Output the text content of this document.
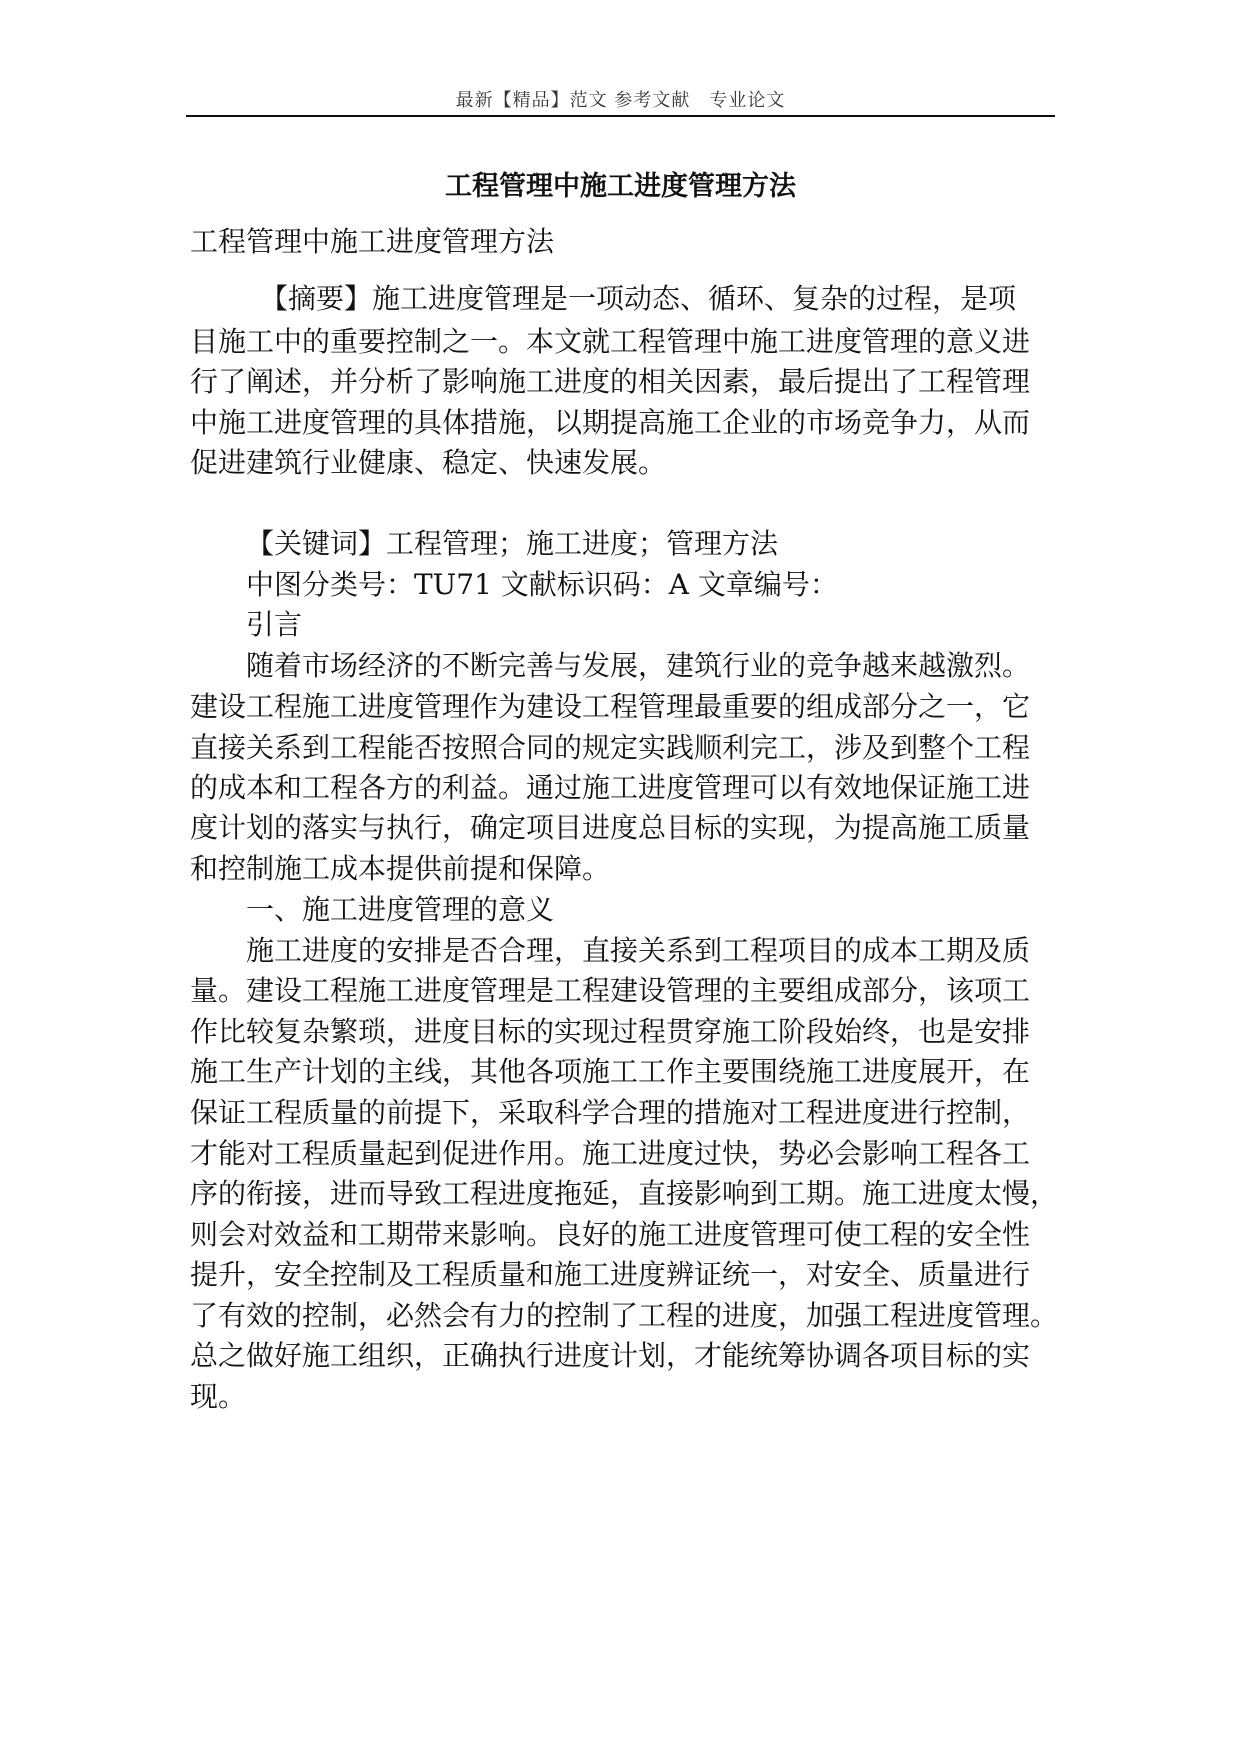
最新【精品】范文 参考文献　专业论文
工程管理中施工进度管理方法
工程管理中施工进度管理方法
【摘要】施工进度管理是一项动态、循环、复杂的过程，是项
目施工中的重要控制之一。本文就工程管理中施工进度管理的意义进
行了阐述，并分析了影响施工进度的相关因素，最后提出了工程管理
中施工进度管理的具体措施，以期提高施工企业的市场竞争力，从而
促进建筑行业健康、稳定、快速发展。
【关键词】工程管理；施工进度；管理方法
中图分类号：TU71 文献标识码：A 文章编号：
引言
随着市场经济的不断完善与发展，建筑行业的竞争越来越激烈。
建设工程施工进度管理作为建设工程管理最重要的组成部分之一，它
直接关系到工程能否按照合同的规定实践顺利完工，涉及到整个工程
的成本和工程各方的利益。通过施工进度管理可以有效地保证施工进
度计划的落实与执行，确定项目进度总目标的实现，为提高施工质量
和控制施工成本提供前提和保障。
一、施工进度管理的意义
施工进度的安排是否合理，直接关系到工程项目的成本工期及质
量。建设工程施工进度管理是工程建设管理的主要组成部分，该项工
作比较复杂繁琐，进度目标的实现过程贯穿施工阶段始终，也是安排
施工生产计划的主线，其他各项施工工作主要围绕施工进度展开，在
保证工程质量的前提下，采取科学合理的措施对工程进度进行控制，
才能对工程质量起到促进作用。施工进度过快，势必会影响工程各工
序的衔接，进而导致工程进度拖延，直接影响到工期。施工进度太慢，
则会对效益和工期带来影响。良好的施工进度管理可使工程的安全性
提升，安全控制及工程质量和施工进度辨证统一，对安全、质量进行
了有效的控制，必然会有力的控制了工程的进度，加强工程进度管理。
总之做好施工组织，正确执行进度计划，才能统筹协调各项目标的实
现。
